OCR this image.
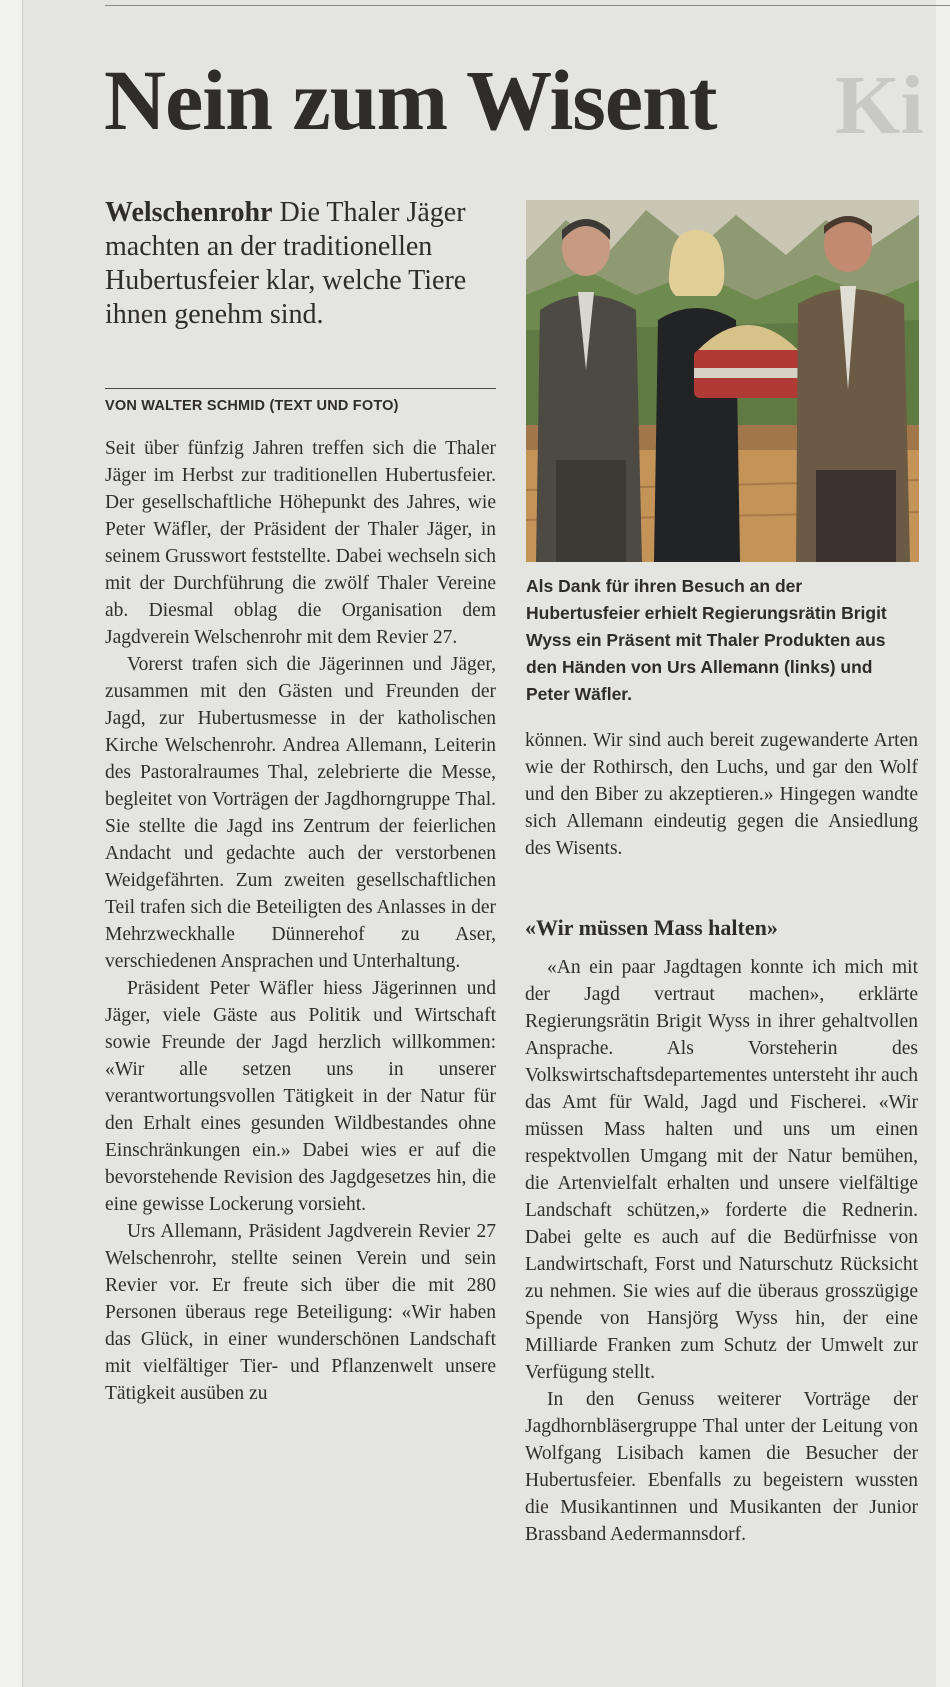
Ki
Nein zum Wisent

Welschenrohr Die Thaler Jäger machten an der traditionellen Hubertusfeier klar, welche Tiere ihnen genehm sind.

VON WALTER SCHMID (TEXT UND FOTO)

Seit über fünfzig Jahren treffen sich die Thaler Jäger im Herbst zur traditionellen Hubertusfeier. Der gesellschaftliche Höhepunkt des Jahres, wie Peter Wäfler, der Präsident der Thaler Jäger, in seinem Grusswort feststellte. Dabei wechseln sich mit der Durchführung die zwölf Thaler Vereine ab. Diesmal oblag die Organisation dem Jagdverein Welschenrohr mit dem Revier 27.

Vorerst trafen sich die Jägerinnen und Jäger, zusammen mit den Gästen und Freunden der Jagd, zur Hubertusmesse in der katholischen Kirche Welschenrohr. Andrea Allemann, Leiterin des Pastoralraumes Thal, zelebrierte die Messe, begleitet von Vorträgen der Jagdhorngruppe Thal. Sie stellte die Jagd ins Zentrum der feierlichen Andacht und gedachte auch der verstorbenen Weidgefährten. Zum zweiten gesellschaftlichen Teil trafen sich die Beteiligten des Anlasses in der Mehrzweckhalle Dünnerehof zu Aser, verschiedenen Ansprachen und Unterhaltung.

Präsident Peter Wäfler hiess Jägerinnen und Jäger, viele Gäste aus Politik und Wirtschaft sowie Freunde der Jagd herzlich willkommen: «Wir alle setzen uns in unserer verantwortungsvollen Tätigkeit in der Natur für den Erhalt eines gesunden Wildbestandes ohne Einschränkungen ein.» Dabei wies er auf die bevorstehende Revision des Jagdgesetzes hin, die eine gewisse Lockerung vorsieht.

Urs Allemann, Präsident Jagdverein Revier 27 Welschenrohr, stellte seinen Verein und sein Revier vor. Er freute sich über die mit 280 Personen überaus rege Beteiligung: «Wir haben das Glück, in einer wunderschönen Landschaft mit vielfältiger Tier- und Pflanzenwelt unsere Tätigkeit ausüben zu

Als Dank für ihren Besuch an der Hubertusfeier erhielt Regierungsrätin Brigit Wyss ein Präsent mit Thaler Produkten aus den Händen von Urs Allemann (links) und Peter Wäfler.

können. Wir sind auch bereit zugewanderte Arten wie der Rothirsch, den Luchs, und gar den Wolf und den Biber zu akzeptieren.» Hingegen wandte sich Allemann eindeutig gegen die Ansiedlung des Wisents.

«Wir müssen Mass halten»

«An ein paar Jagdtagen konnte ich mich mit der Jagd vertraut machen», erklärte Regierungsrätin Brigit Wyss in ihrer gehaltvollen Ansprache. Als Vorsteherin des Volkswirtschaftsdepartementes untersteht ihr auch das Amt für Wald, Jagd und Fischerei. «Wir müssen Mass halten und uns um einen respektvollen Umgang mit der Natur bemühen, die Artenvielfalt erhalten und unsere vielfältige Landschaft schützen,» forderte die Rednerin. Dabei gelte es auch auf die Bedürfnisse von Landwirtschaft, Forst und Naturschutz Rücksicht zu nehmen. Sie wies auf die überaus grosszügige Spende von Hansjörg Wyss hin, der eine Milliarde Franken zum Schutz der Umwelt zur Verfügung stellt.

In den Genuss weiterer Vorträge der Jagdhornbläsergruppe Thal unter der Leitung von Wolfgang Lisibach kamen die Besucher der Hubertusfeier. Ebenfalls zu begeistern wussten die Musikantinnen und Musikanten der Junior Brassband Aedermannsdorf.
